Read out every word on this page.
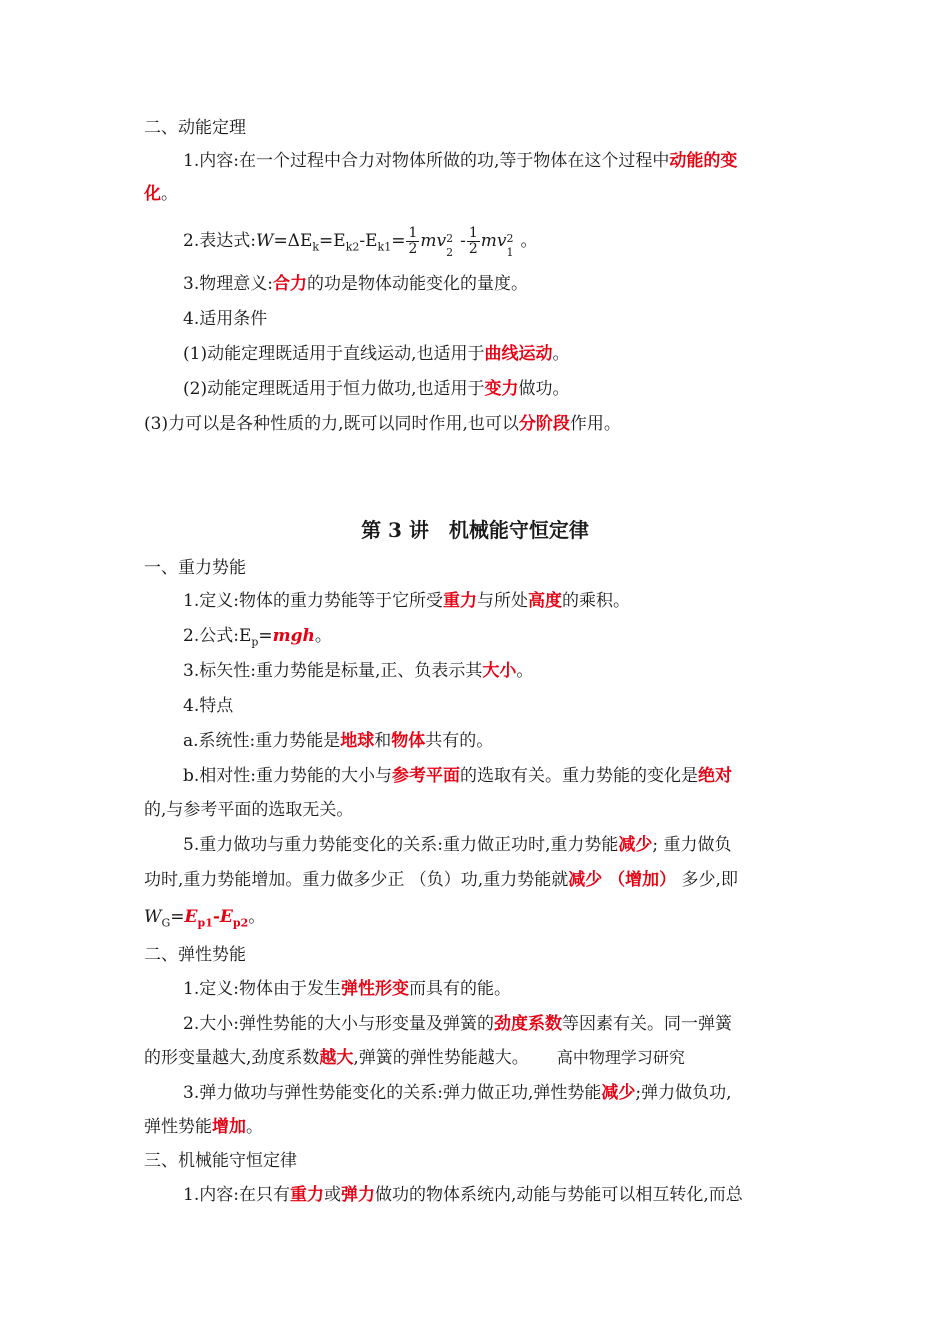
二、动能定理
1.内容:在一个过程中合力对物体所做的功,等于物体在这个过程中动能的变
化。
2.表达式$:W=\Delta E_k=E_{k2}-E_{k1}= \frac{1}{2}$ mv 2
2
- $\frac{1}{2}$ mv 2
1
。
3.物理意义:合力的功是物体动能变化的量度。
4.适用条件
(1)动能定理既适用于直线运动,也适用于曲线运动。
(2)动能定理既适用于恒力做功,也适用于变力做功。
(3)力可以是各种性质的力,既可以同时作用,也可以分阶段作用。
第 3 讲　机械能守恒定律
一、重力势能
1.定义:物体的重力势能等于它所受重力与所处高度的乘积。
2.公式$:E_p=mgh$。
3.标矢性:重力势能是标量,正、负表示其大小。
4.特点
a.系统性:重力势能是地球和物体共有的。
b.相对性:重力势能的大小与参考平面的选取有关。重力势能的变化是绝对
的,与参考平面的选取无关。
5.重力做功与重力势能变化的关系:重力做正功时,重力势能减少; 重力做负
功时,重力势能增加。重力做多少正 （负）功,重力势能就减少 （增加） 多少,即
$W_G=E_{p1}-E_{p2}$。
二、弹性势能
1.定义:物体由于发生弹性形变而具有的能。
2.大小:弹性势能的大小与形变量及弹簧的劲度系数等因素有关。同一弹簧
的形变量越大,劲度系数越大,弹簧的弹性势能越大。 高中物理学习研究
3.弹力做功与弹性势能变化的关系:弹力做正功,弹性势能减少;弹力做负功,
弹性势能增加。
三、机械能守恒定律
1.内容:在只有重力或弹力做功的物体系统内,动能与势能可以相互转化,而总
